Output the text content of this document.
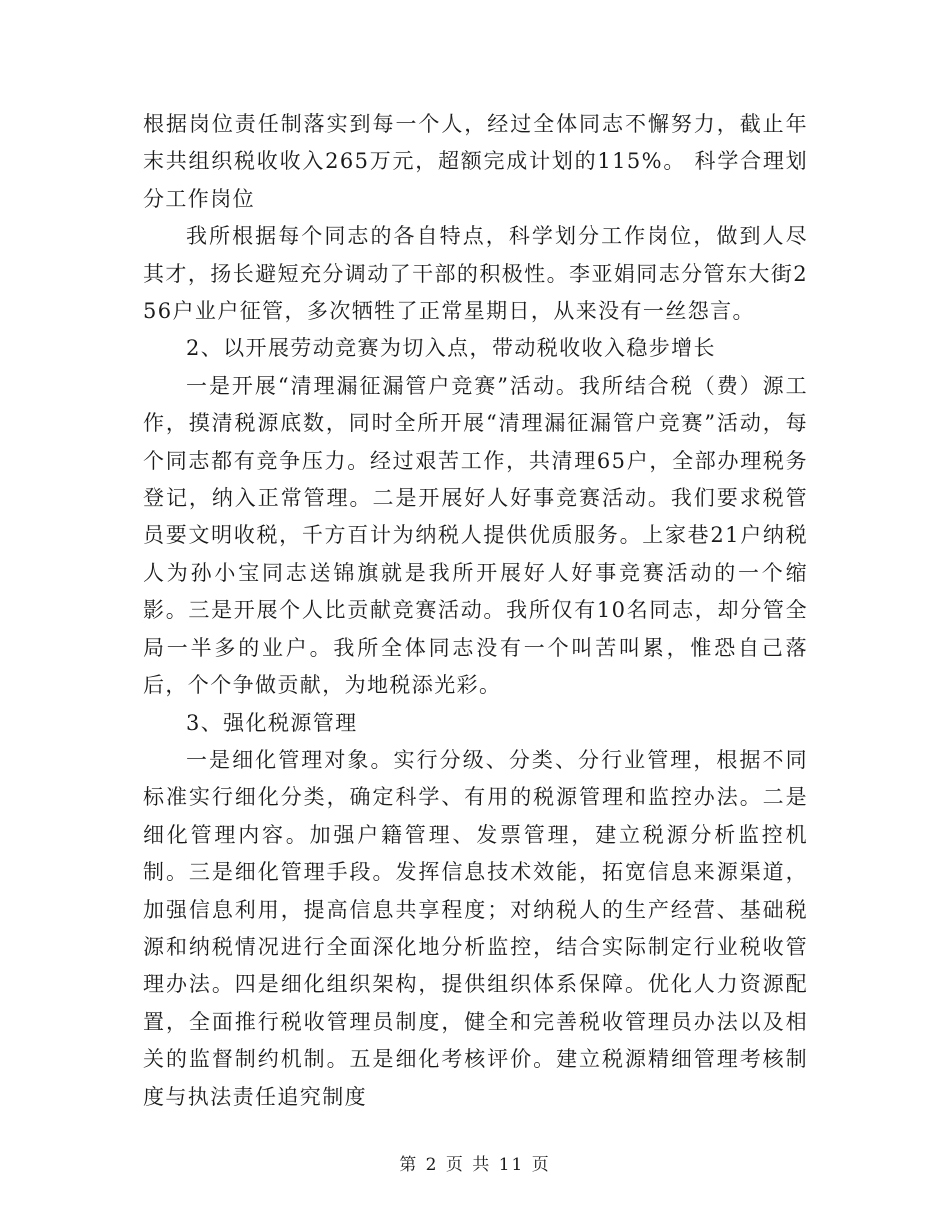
根据岗位责任制落实到每一个人，经过全体同志不懈努力，截止年末共组织税收收入265万元，超额完成计划的115%。 科学合理划分工作岗位

我所根据每个同志的各自特点，科学划分工作岗位，做到人尽其才，扬长避短充分调动了干部的积极性。李亚娟同志分管东大街256户业户征管，多次牺牲了正常星期日，从来没有一丝怨言。

2、以开展劳动竞赛为切入点，带动税收收入稳步增长

一是开展“清理漏征漏管户竞赛”活动。我所结合税（费）源工作，摸清税源底数，同时全所开展“清理漏征漏管户竞赛”活动，每个同志都有竞争压力。经过艰苦工作，共清理65户，全部办理税务登记，纳入正常管理。二是开展好人好事竞赛活动。我们要求税管员要文明收税，千方百计为纳税人提供优质服务。上家巷21户纳税人为孙小宝同志送锦旗就是我所开展好人好事竞赛活动的一个缩影。三是开展个人比贡献竞赛活动。我所仅有10名同志，却分管全局一半多的业户。我所全体同志没有一个叫苦叫累，惟恐自己落后，个个争做贡献，为地税添光彩。

3、强化税源管理

一是细化管理对象。实行分级、分类、分行业管理，根据不同标准实行细化分类，确定科学、有用的税源管理和监控办法。二是细化管理内容。加强户籍管理、发票管理，建立税源分析监控机制。三是细化管理手段。发挥信息技术效能，拓宽信息来源渠道，加强信息利用，提高信息共享程度；对纳税人的生产经营、基础税源和纳税情况进行全面深化地分析监控，结合实际制定行业税收管理办法。四是细化组织架构，提供组织体系保障。优化人力资源配置，全面推行税收管理员制度，健全和完善税收管理员办法以及相关的监督制约机制。五是细化考核评价。建立税源精细管理考核制度与执法责任追究制度

第 2 页 共 11 页
